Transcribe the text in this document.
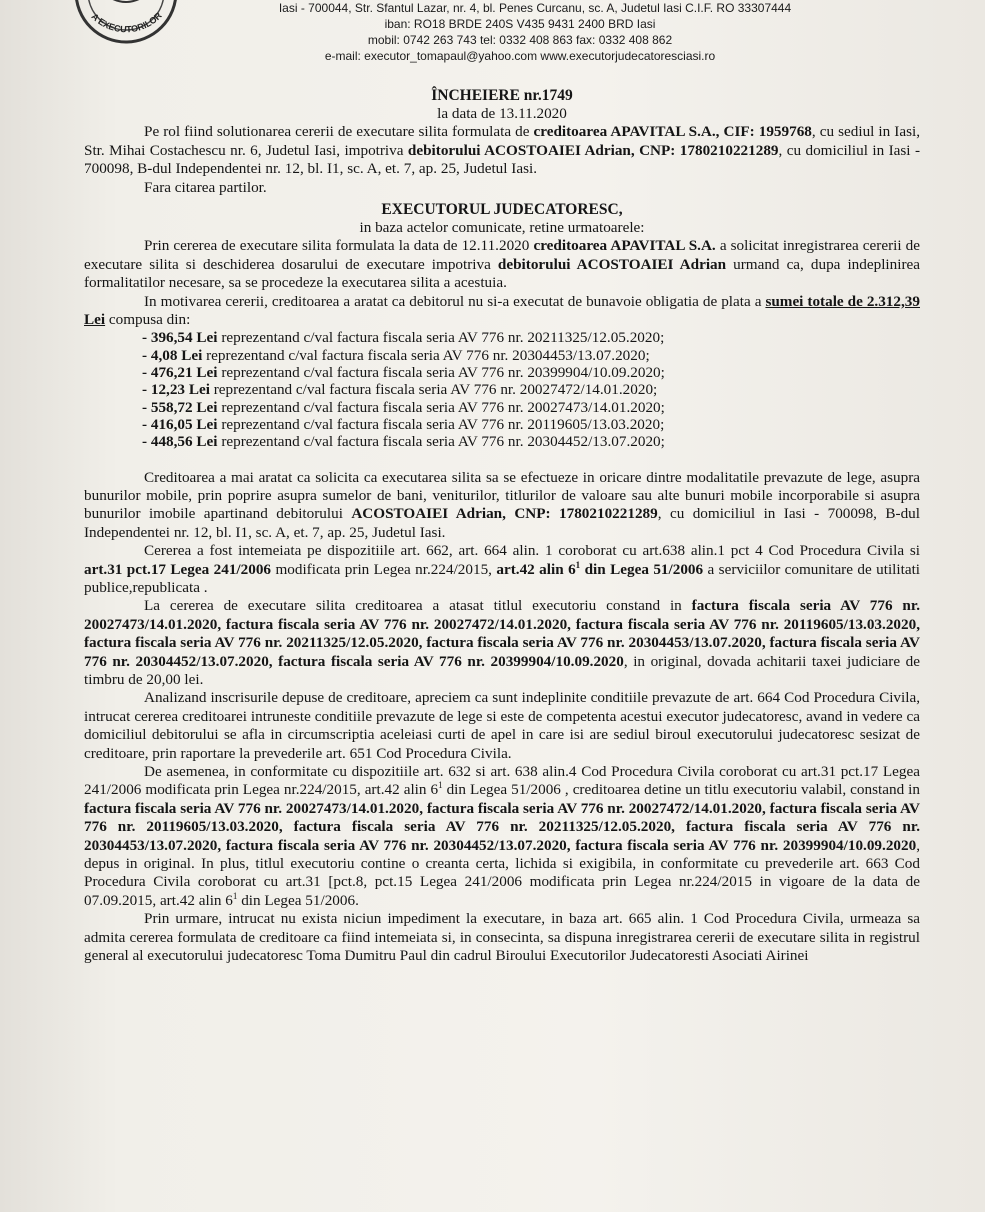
A EXECUTORILOR
Iasi - 700044, Str. Sfantul Lazar, nr. 4, bl. Penes Curcanu, sc. A, Judetul Iasi C.I.F. RO 33307444
iban: RO18 BRDE 240S V435 9431 2400 BRD Iasi
mobil: 0742 263 743 tel: 0332 408 863 fax: 0332 408 862
e-mail: executor_tomapaul@yahoo.com www.executorjudecatoresciasi.ro
ÎNCHEIERE nr.1749
la data de 13.11.2020

Pe rol fiind solutionarea cererii de executare silita formulata de creditoarea APAVITAL S.A., CIF: 1959768, cu sediul in Iasi, Str. Mihai Costachescu nr. 6, Judetul Iasi, impotriva debitorului ACOSTOAIEI Adrian, CNP: 1780210221289, cu domiciliul in Iasi - 700098, B-dul Independentei nr. 12, bl. I1, sc. A, et. 7, ap. 25, Judetul Iasi.

Fara citarea partilor.

EXECUTORUL JUDECATORESC,
in baza actelor comunicate, retine urmatoarele:

Prin cererea de executare silita formulata la data de 12.11.2020 creditoarea APAVITAL S.A. a solicitat inregistrarea cererii de executare silita si deschiderea dosarului de executare impotriva debitorului ACOSTOAIEI Adrian urmand ca, dupa indeplinirea formalitatilor necesare, sa se procedeze la executarea silita a acestuia.

In motivarea cererii, creditoarea a aratat ca debitorul nu si-a executat de bunavoie obligatia de plata a sumei totale de 2.312,39 Lei compusa din:

- 396,54 Lei reprezentand c/val factura fiscala seria AV 776 nr. 20211325/12.05.2020;
- 4,08 Lei reprezentand c/val factura fiscala seria AV 776 nr. 20304453/13.07.2020;
- 476,21 Lei reprezentand c/val factura fiscala seria AV 776 nr. 20399904/10.09.2020;
- 12,23 Lei reprezentand c/val factura fiscala seria AV 776 nr. 20027472/14.01.2020;
- 558,72 Lei reprezentand c/val factura fiscala seria AV 776 nr. 20027473/14.01.2020;
- 416,05 Lei reprezentand c/val factura fiscala seria AV 776 nr. 20119605/13.03.2020;
- 448,56 Lei reprezentand c/val factura fiscala seria AV 776 nr. 20304452/13.07.2020;

Creditoarea a mai aratat ca solicita ca executarea silita sa se efectueze in oricare dintre modalitatile prevazute de lege, asupra bunurilor mobile, prin poprire asupra sumelor de bani, veniturilor, titlurilor de valoare sau alte bunuri mobile incorporabile si asupra bunurilor imobile apartinand debitorului ACOSTOAIEI Adrian, CNP: 1780210221289, cu domiciliul in Iasi - 700098, B-dul Independentei nr. 12, bl. I1, sc. A, et. 7, ap. 25, Judetul Iasi.

Cererea a fost intemeiata pe dispozitiile art. 662, art. 664 alin. 1 coroborat cu art.638 alin.1 pct 4 Cod Procedura Civila si art.31 pct.17 Legea 241/2006 modificata prin Legea nr.224/2015, art.42 alin $6^1$ din Legea 51/2006 a serviciilor comunitare de utilitati publice,republicata .

La cererea de executare silita creditoarea a atasat titlul executoriu constand in factura fiscala seria AV 776 nr. 20027473/14.01.2020, factura fiscala seria AV 776 nr. 20027472/14.01.2020, factura fiscala seria AV 776 nr. 20119605/13.03.2020, factura fiscala seria AV 776 nr. 20211325/12.05.2020, factura fiscala seria AV 776 nr. 20304453/13.07.2020, factura fiscala seria AV 776 nr. 20304452/13.07.2020, factura fiscala seria AV 776 nr. 20399904/10.09.2020, in original, dovada achitarii taxei judiciare de timbru de 20,00 lei.

Analizand inscrisurile depuse de creditoare, apreciem ca sunt indeplinite conditiile prevazute de art. 664 Cod Procedura Civila, intrucat cererea creditoarei intruneste conditiile prevazute de lege si este de competenta acestui executor judecatoresc, avand in vedere ca domiciliul debitorului se afla in circumscriptia aceleiasi curti de apel in care isi are sediul biroul executorului judecatoresc sesizat de creditoare, prin raportare la prevederile art. 651 Cod Procedura Civila.

De asemenea, in conformitate cu dispozitiile art. 632 si art. 638 alin.4 Cod Procedura Civila coroborat cu art.31 pct.17 Legea 241/2006 modificata prin Legea nr.224/2015, art.42 alin $6^1$ din Legea 51/2006 , creditoarea detine un titlu executoriu valabil, constand in factura fiscala seria AV 776 nr. 20027473/14.01.2020, factura fiscala seria AV 776 nr. 20027472/14.01.2020, factura fiscala seria AV 776 nr. 20119605/13.03.2020, factura fiscala seria AV 776 nr. 20211325/12.05.2020, factura fiscala seria AV 776 nr. 20304453/13.07.2020, factura fiscala seria AV 776 nr. 20304452/13.07.2020, factura fiscala seria AV 776 nr. 20399904/10.09.2020, depus in original. In plus, titlul executoriu contine o creanta certa, lichida si exigibila, in conformitate cu prevederile art. 663 Cod Procedura Civila coroborat cu art.31 [pct.8, pct.15 Legea 241/2006 modificata prin Legea nr.224/2015 in vigoare de la data de 07.09.2015, art.42 alin $6^1$ din Legea 51/2006.

Prin urmare, intrucat nu exista niciun impediment la executare, in baza art. 665 alin. 1 Cod Procedura Civila, urmeaza sa admita cererea formulata de creditoare ca fiind intemeiata si, in consecinta, sa dispuna inregistrarea cererii de executare silita in registrul general al executorului judecatoresc Toma Dumitru Paul din cadrul Biroului Executorilor Judecatoresti Asociati Airinei
